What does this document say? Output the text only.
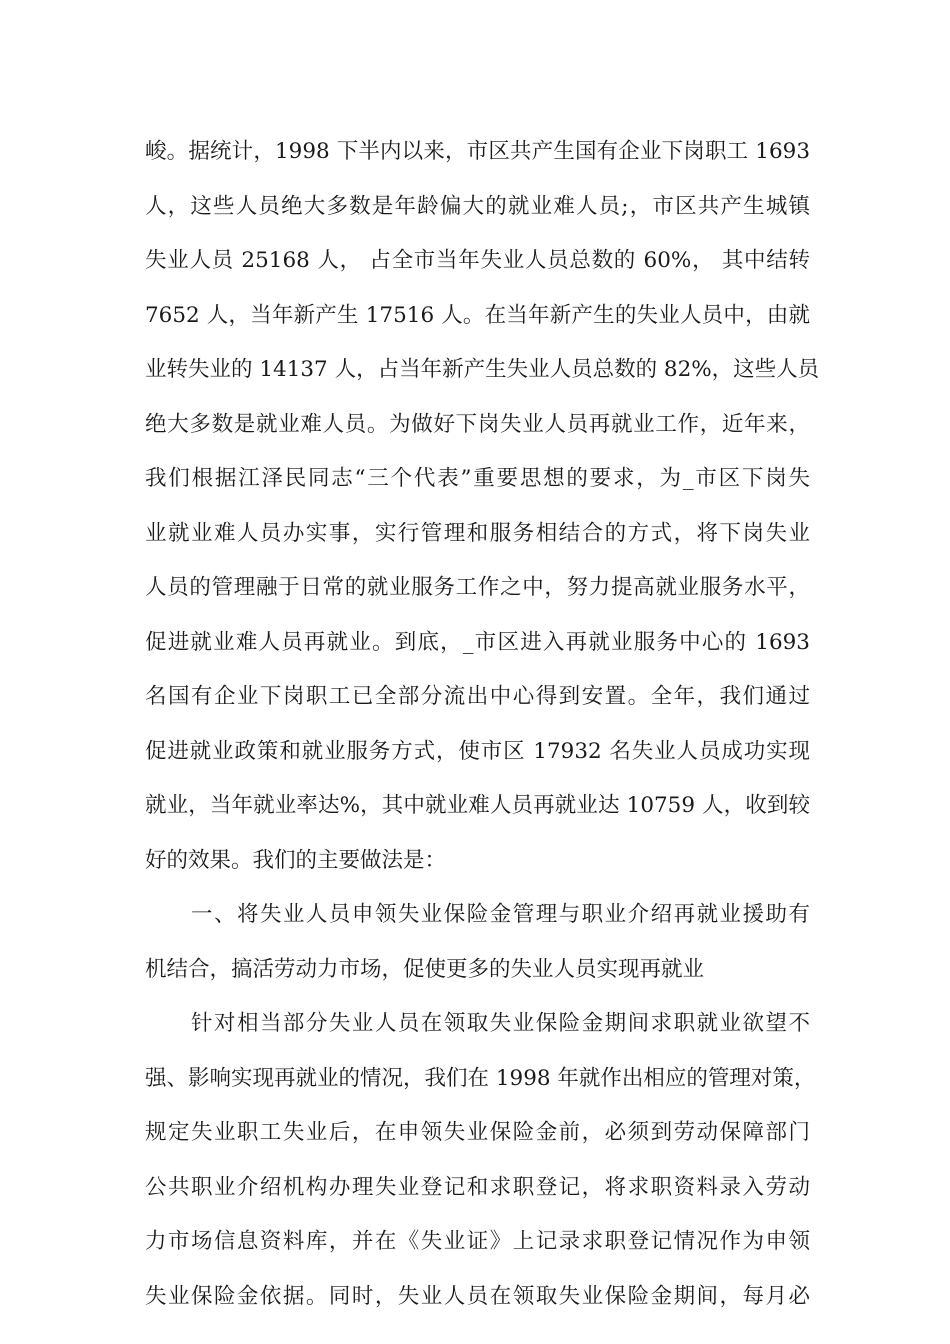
峻。据统计，1998 下半内以来，市区共产生国有企业下岗职工 1693
人，这些人员绝大多数是年龄偏大的就业难人员;，市区共产生城镇
失业人员 25168 人， 占全市当年失业人员总数的 60%， 其中结转
7652 人，当年新产生 17516 人。在当年新产生的失业人员中，由就
业转失业的 14137 人，占当年新产生失业人员总数的 82%，这些人员
绝大多数是就业难人员。为做好下岗失业人员再就业工作，近年来，
我们根据江泽民同志“三个代表”重要思想的要求，为_市区下岗失
业就业难人员办实事，实行管理和服务相结合的方式，将下岗失业
人员的管理融于日常的就业服务工作之中，努力提高就业服务水平，
促进就业难人员再就业。到底，_市区进入再就业服务中心的 1693
名国有企业下岗职工已全部分流出中心得到安置。全年，我们通过
促进就业政策和就业服务方式，使市区 17932 名失业人员成功实现
就业，当年就业率达%，其中就业难人员再就业达 10759 人，收到较
好的效果。我们的主要做法是：
一、将失业人员申领失业保险金管理与职业介绍再就业援助有
机结合，搞活劳动力市场，促使更多的失业人员实现再就业
针对相当部分失业人员在领取失业保险金期间求职就业欲望不
强、影响实现再就业的情况，我们在 1998 年就作出相应的管理对策，
规定失业职工失业后，在申领失业保险金前，必须到劳动保障部门
公共职业介绍机构办理失业登记和求职登记，将求职资料录入劳动
力市场信息资料库，并在《失业证》上记录求职登记情况作为申领
失业保险金依据。同时，失业人员在领取失业保险金期间，每月必
